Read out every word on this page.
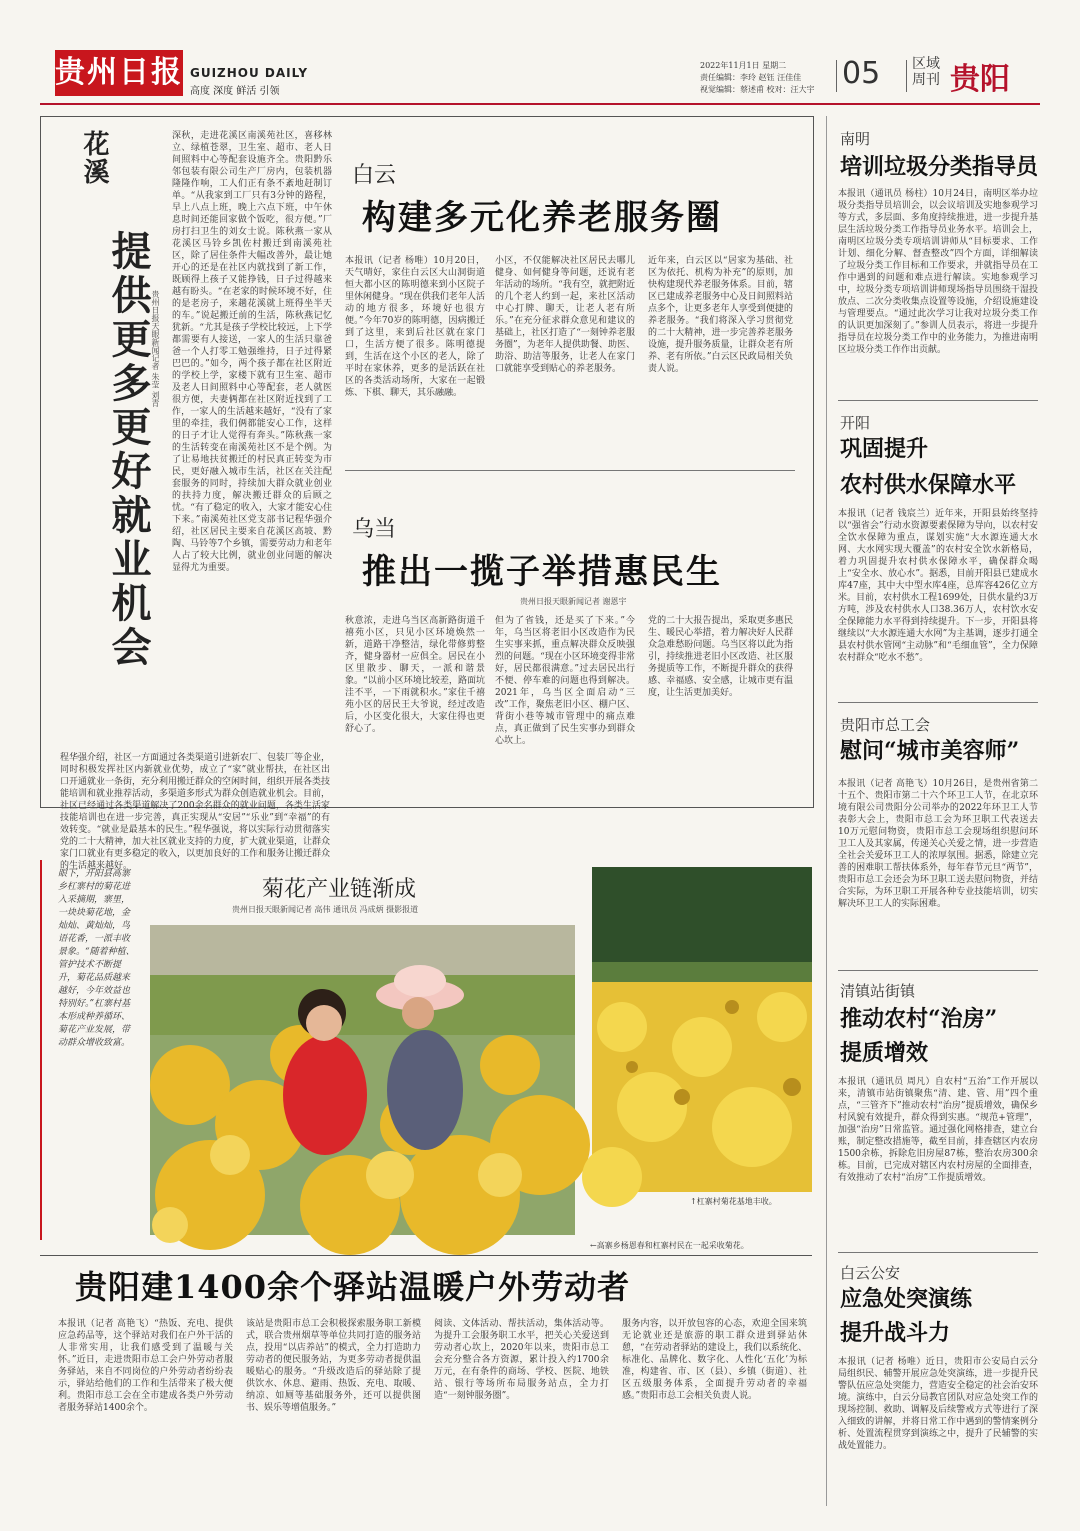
贵州日报 GUIZHOU DAILY
高度 深度 鲜活 引领
2022年11月1日 星期二
责任编辑：李玲 赵钰 汪佳佳
视觉编辑：蔡述甫 校对：汪大宇 05 区域
周刊 贵阳
花溪
提供更多更好就业机会 贵州日报天眼新闻记者 朱莹 刘青
深秋，走进花溪区南溪苑社区，喜移林立、绿植苍翠，卫生室、超市、老人日间照料中心等配套设施齐全。贵阳黔乐邻包装有限公司生产厂房内，包装机器隆隆作响，工人们正有条不紊地赶制订单。“从我家到工厂只有3分钟的路程，早上八点上班，晚上六点下班，中午休息时间还能回家做个饭吃，很方便。”厂房打扫卫生的刘女士说。陈秋燕一家从花溪区马铃乡凯佐村搬迁到南溪苑社区，除了居住条件大幅改善外，最让她开心的还是在社区内就找到了新工作，既顾得上孩子又能挣钱，日子过得越来越有盼头。“在老家的时候环境不好，住的是老房子，来趟花溪就上班得坐半天的车。”说起搬迁前的生活，陈秋燕记忆犹新。“尤其是孩子学校比较远，上下学都需要有人接送，一家人的生活只靠爸爸一个人打零工勉强维持，日子过得紧巴巴的。”如今，两个孩子都在社区附近的学校上学，家楼下就有卫生室、超市及老人日间照料中心等配套，老人就医很方便，夫妻俩都在社区附近找到了工作，一家人的生活越来越好，“没有了家里的牵挂，我们俩都能安心工作，这样的日子才让人觉得有奔头。”陈秋燕一家的生活转变在南溪苑社区不是个例。为了让易地扶贫搬迁的村民真正转变为市民，更好融入城市生活，社区在关注配套服务的同时，持续加大群众就业创业的扶持力度，解决搬迁群众的后顾之忧。“有了稳定的收入，大家才能安心住下来。”南溪苑社区党支部书记程华强介绍，社区居民主要来自花溪区高坡、黔陶、马铃等7个乡镇，需要劳动力和老年人占了较大比例，就业创业问题的解决显得尤为重要。
程华强介绍，社区一方面通过各类渠道引进新农厂、包装厂等企业，同时积极发挥社区内新就业优势，成立了“家”就业帮扶，在社区出口开通就业一条街，充分利用搬迁群众的空闲时间，组织开展各类技能培训和就业推荐活动，多渠道多形式为群众创造就业机会。目前，社区已经通过各类渠道解决了200余名群众的就业问题，各类生活家技能培训也在进一步完善，真正实现从“安居”“乐业”到“幸福”的有效转变。“就业是最基本的民生。”程华强说，将以实际行动贯彻落实党的二十大精神，加大社区就业支持的力度，扩大就业渠道，让群众家门口就业有更多稳定的收入，以更加良好的工作和服务让搬迁群众的生活越来越好。
白云
构建多元化养老服务圈
本报讯（记者 杨唯）10月20日，天气晴好，家住白云区大山洞街道恒大都小区的陈明德来到小区院子里休闲健身。“现在供我们老年人活动的地方很多，环境好也很方便。”今年70岁的陈明德，因病搬迁到了这里，来到后社区就在家门口，生活方便了很多。陈明德提到，生活在这个小区的老人，除了平时在家休养，更多的是活跃在社区的各类活动场所，大家在一起锻炼、下棋、聊天，其乐融融。
小区，不仅能解决社区居民去哪儿健身、如何健身等问题，还说有老年活动的场所。“我有空，就把附近的几个老人约到一起，来社区活动中心打牌、聊天，让老人老有所乐。”在充分征求群众意见和建议的基础上，社区打造了“一刻钟养老服务圈”，为老年人提供助餐、助医、助浴、助洁等服务，让老人在家门口就能享受到贴心的养老服务。
近年来，白云区以“居家为基础、社区为依托、机构为补充”的原则，加快构建现代养老服务体系。目前，辖区已建成养老服务中心及日间照料站点多个，让更多老年人享受到便捷的养老服务。“我们将深入学习贯彻党的二十大精神，进一步完善养老服务设施，提升服务质量，让群众老有所养、老有所依。”白云区民政局相关负责人说。
乌当
推出一揽子举措惠民生
贵州日报天眼新闻记者 谢恩宇
秋意浓，走进乌当区高新路街道千禧苑小区，只见小区环境焕然一新，道路干净整洁，绿化带修剪整齐，健身器材一应俱全。居民在小区里散步、聊天，一派和谐景象。“以前小区环境比较差，路面坑洼不平，一下雨就积水。”家住千禧苑小区的居民王大爷说，经过改造后，小区变化很大，大家住得也更舒心了。
但为了省钱，还是买了下来。”今年，乌当区将老旧小区改造作为民生实事来抓，重点解决群众反映强烈的问题。“现在小区环境变得非常好，居民都很满意。”过去居民出行不便、停车难的问题也得到解决。2021年，乌当区全面启动“三改”工作，聚焦老旧小区、棚户区、背街小巷等城市管理中的痛点难点，真正做到了民生实事办到群众心坎上。
党的二十大报告提出，采取更多惠民生、暖民心举措，着力解决好人民群众急难愁盼问题。乌当区将以此为指引，持续推进老旧小区改造、社区服务提质等工作，不断提升群众的获得感、幸福感、安全感，让城市更有温度，让生活更加美好。
眼下，开阳县高寨乡杠寨村的菊花进入采摘期，寨里，一块块菊花地，金灿灿、黄灿灿，鸟语花香，一派丰收景象。“随着种植、管护技术不断提升，菊花品质越来越好，今年效益也特别好。”杠寨村基本形成种养循环、菊花产业发展，带动群众增收致富。
菊花产业链渐成
贵州日报天眼新闻记者 高伟 通讯员 冯成炳 摄影报道
↑杠寨村菊花基地丰收。
←高寨乡杨恩春和杠寨村民在一起采收菊花。
贵阳建1400余个驿站温暖户外劳动者
本报讯（记者 高艳飞）“热饭、充电、提供应急药品等，这个驿站对我们在户外干活的人非常实用，让我们感受到了温暖与关怀。”近日，走进贵阳市总工会户外劳动者服务驿站，来自不同岗位的户外劳动者纷纷表示，驿站给他们的工作和生活带来了极大便利。贵阳市总工会在全市建成各类户外劳动者服务驿站1400余个。
该站是贵阳市总工会积极探索服务职工新模式，联合贵州烟草等单位共同打造的服务站点，投用“以店养站”的模式，全力打造助力劳动者的便民服务站，为更多劳动者提供温暖贴心的服务。“升级改造后的驿站除了提供饮水、休息、避雨、热饭、充电、取暖、纳凉、如厕等基础服务外，还可以提供图书、娱乐等增值服务。”
阅读、文体活动、帮扶活动，集体活动等。为提升工会服务职工水平，把关心关爱送到劳动者心坎上，2020年以来，贵阳市总工会充分整合各方资源，累计投入约1700余万元，在有条件的商场、学校、医院、地铁站、银行等场所布局服务站点，全力打造“一刻钟服务圈”。
服务内容，以开放包容的心态，欢迎全国来筑无论就业还是旅游的职工群众进到驿站休憩，“在劳动者驿站的建设上，我们以系统化、标准化、品牌化、数字化、人性化‘五化’为标准，构建省、市、区（县）、乡镇（街道）、社区五级服务体系，全面提升劳动者的幸福感。”贵阳市总工会相关负责人说。
南明
培训垃圾分类指导员
本报讯（通讯员 杨柱）10月24日，南明区举办垃圾分类指导员培训会，以会议培训及实地参观学习等方式，多层面、多角度持续推进，进一步提升基层生活垃圾分类工作指导员业务水平。培训会上，南明区垃圾分类专项培训讲师从“目标要求、工作计划、细化分解、督查整改”四个方面，详细解读了垃圾分类工作目标和工作要求，并就指导员在工作中遇到的问题和难点进行解读。实地参观学习中，垃圾分类专项培训讲师现场指导员围绕干湿投放点、二次分类收集点设置等设施，介绍设施建设与管理要点。“通过此次学习让我对垃圾分类工作的认识更加深刻了。”参训人员表示，将进一步提升指导员在垃圾分类工作中的业务能力，为推进南明区垃圾分类工作作出贡献。
开阳
巩固提升
农村供水保障水平
本报讯（记者 钱宸兰）近年来，开阳县始终坚持以“强省会”行动水资源要素保障为导向，以农村安全饮水保障为重点，谋划实施“大水源连通大水网、大水网实现大覆盖”的农村安全饮水新格局，着力巩固提升农村供水保障水平，确保群众喝上“安全水、放心水”。据悉，目前开阳县已建成水库47座，其中大中型水库4座，总库容426亿立方米。目前，农村供水工程1699处，日供水量约3万方吨，涉及农村供水人口38.36万人，农村饮水安全保障能力水平得到持续提升。下一步，开阳县将继续以“大水源连通大水网”为主基调，逐步打通全县农村供水管网“主动脉”和“毛细血管”，全力保障农村群众“吃水不愁”。
贵阳市总工会
慰问“城市美容师”
本报讯（记者 高艳飞）10月26日，是贵州省第二十五个、贵阳市第二十六个环卫工人节，在北京环境有限公司贵阳分公司举办的2022年环卫工人节表彰大会上，贵阳市总工会为环卫职工代表送去10万元慰问物资，贵阳市总工会现场组织慰问环卫工人及其家属，传递关心关爱之情，进一步营造全社会关爱环卫工人的浓厚氛围。据悉，除建立完善的困难职工帮扶体系外，每年春节元旦“两节”，贵阳市总工会还会为环卫职工送去慰问物资，并结合实际，为环卫职工开展各种专业技能培训，切实解决环卫工人的实际困难。
清镇站街镇
推动农村“治房”
提质增效
本报讯（通讯员 周凡）自农村“五治”工作开展以来，清镇市站街镇聚焦“清、建、管、用”四个重点，“三管齐下”推动农村“治房”提质增效，确保乡村风貌有效提升，群众得到实惠。“规范+管理”，加强“治房”日常监管。通过强化网格排查，建立台账，制定整改措施等，截至目前，排查辖区内农房1500余栋，拆除危旧房屋87栋，整治农房300余栋。目前，已完成对辖区内农村房屋的全面排查，有效推动了农村“治房”工作提质增效。
白云公安
应急处突演练
提升战斗力
本报讯（记者 杨唯）近日，贵阳市公安局白云分局组织民、辅警开展应急处突演练，进一步提升民警队伍应急处突能力，营造安全稳定的社会治安环境。演练中，白云分局教官团队对应急处突工作的现场控制、救助、调解及后续警戒方式等进行了深入细致的讲解，并将日常工作中遇到的警情案例分析、处置流程贯穿到演练之中，提升了民辅警的实战处置能力。
